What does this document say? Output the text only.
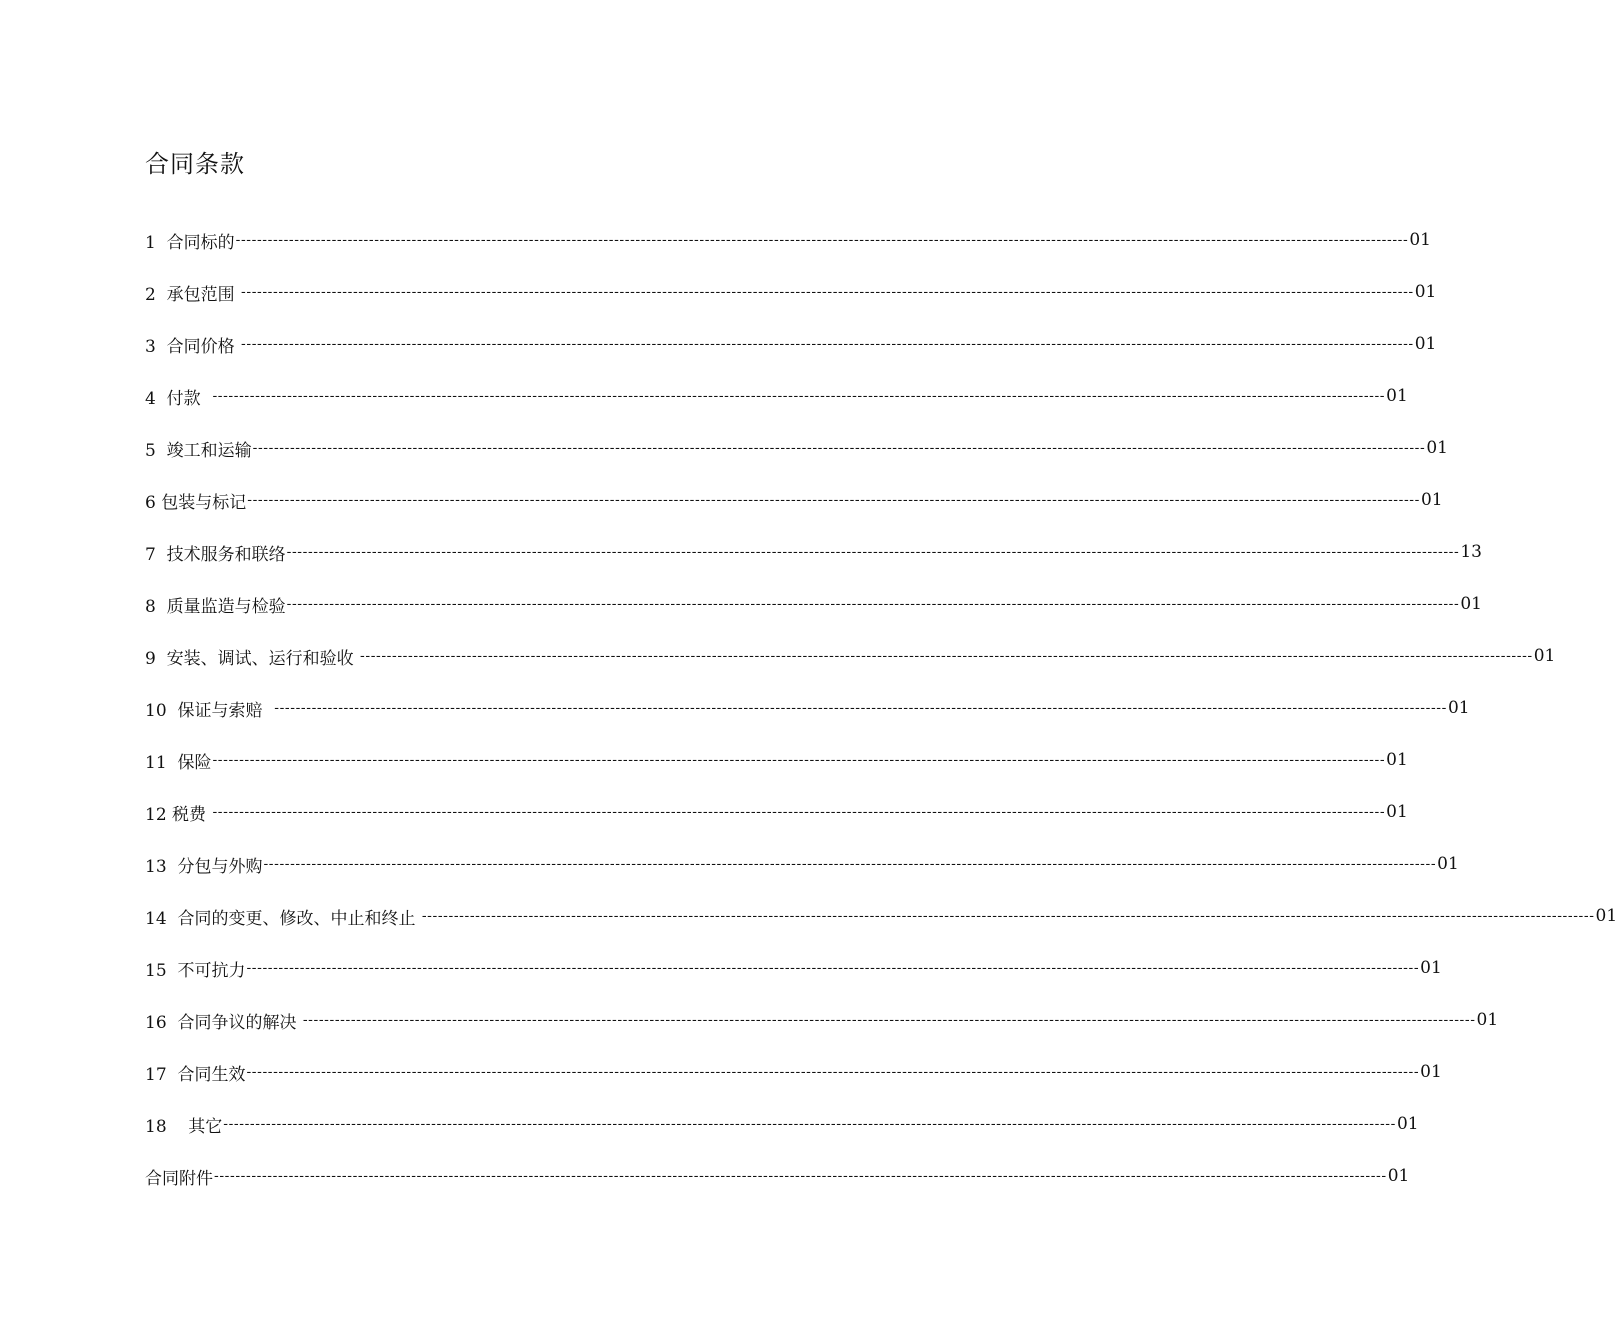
合同条款
1  合同标的 ---------------------------------------------------------------------------------------------------------------------------------------------------------------------------------------------------------------------------- 01
2  承包范围 ---------------------------------------------------------------------------------------------------------------------------------------------------------------------------------------------------------------------------- 01
3  合同价格 ---------------------------------------------------------------------------------------------------------------------------------------------------------------------------------------------------------------------------- 01
4  付款 ---------------------------------------------------------------------------------------------------------------------------------------------------------------------------------------------------------------------------- 01
5  竣工和运输 ---------------------------------------------------------------------------------------------------------------------------------------------------------------------------------------------------------------------------- 01
6 包装与标记 ---------------------------------------------------------------------------------------------------------------------------------------------------------------------------------------------------------------------------- 01
7  技术服务和联络 ---------------------------------------------------------------------------------------------------------------------------------------------------------------------------------------------------------------------------- 13
8  质量监造与检验 ---------------------------------------------------------------------------------------------------------------------------------------------------------------------------------------------------------------------------- 01
9  安装、调试、运行和验收 ---------------------------------------------------------------------------------------------------------------------------------------------------------------------------------------------------------------------------- 01
10  保证与索赔 ---------------------------------------------------------------------------------------------------------------------------------------------------------------------------------------------------------------------------- 01
11  保险 ---------------------------------------------------------------------------------------------------------------------------------------------------------------------------------------------------------------------------- 01
12 税费 ---------------------------------------------------------------------------------------------------------------------------------------------------------------------------------------------------------------------------- 01
13  分包与外购 ---------------------------------------------------------------------------------------------------------------------------------------------------------------------------------------------------------------------------- 01
14  合同的变更、修改、中止和终止 ---------------------------------------------------------------------------------------------------------------------------------------------------------------------------------------------------------------------------- 01
15  不可抗力 ---------------------------------------------------------------------------------------------------------------------------------------------------------------------------------------------------------------------------- 01
16  合同争议的解决 ---------------------------------------------------------------------------------------------------------------------------------------------------------------------------------------------------------------------------- 01
17  合同生效 ---------------------------------------------------------------------------------------------------------------------------------------------------------------------------------------------------------------------------- 01
18    其它 ---------------------------------------------------------------------------------------------------------------------------------------------------------------------------------------------------------------------------- 01
合同附件 ---------------------------------------------------------------------------------------------------------------------------------------------------------------------------------------------------------------------------- 01
